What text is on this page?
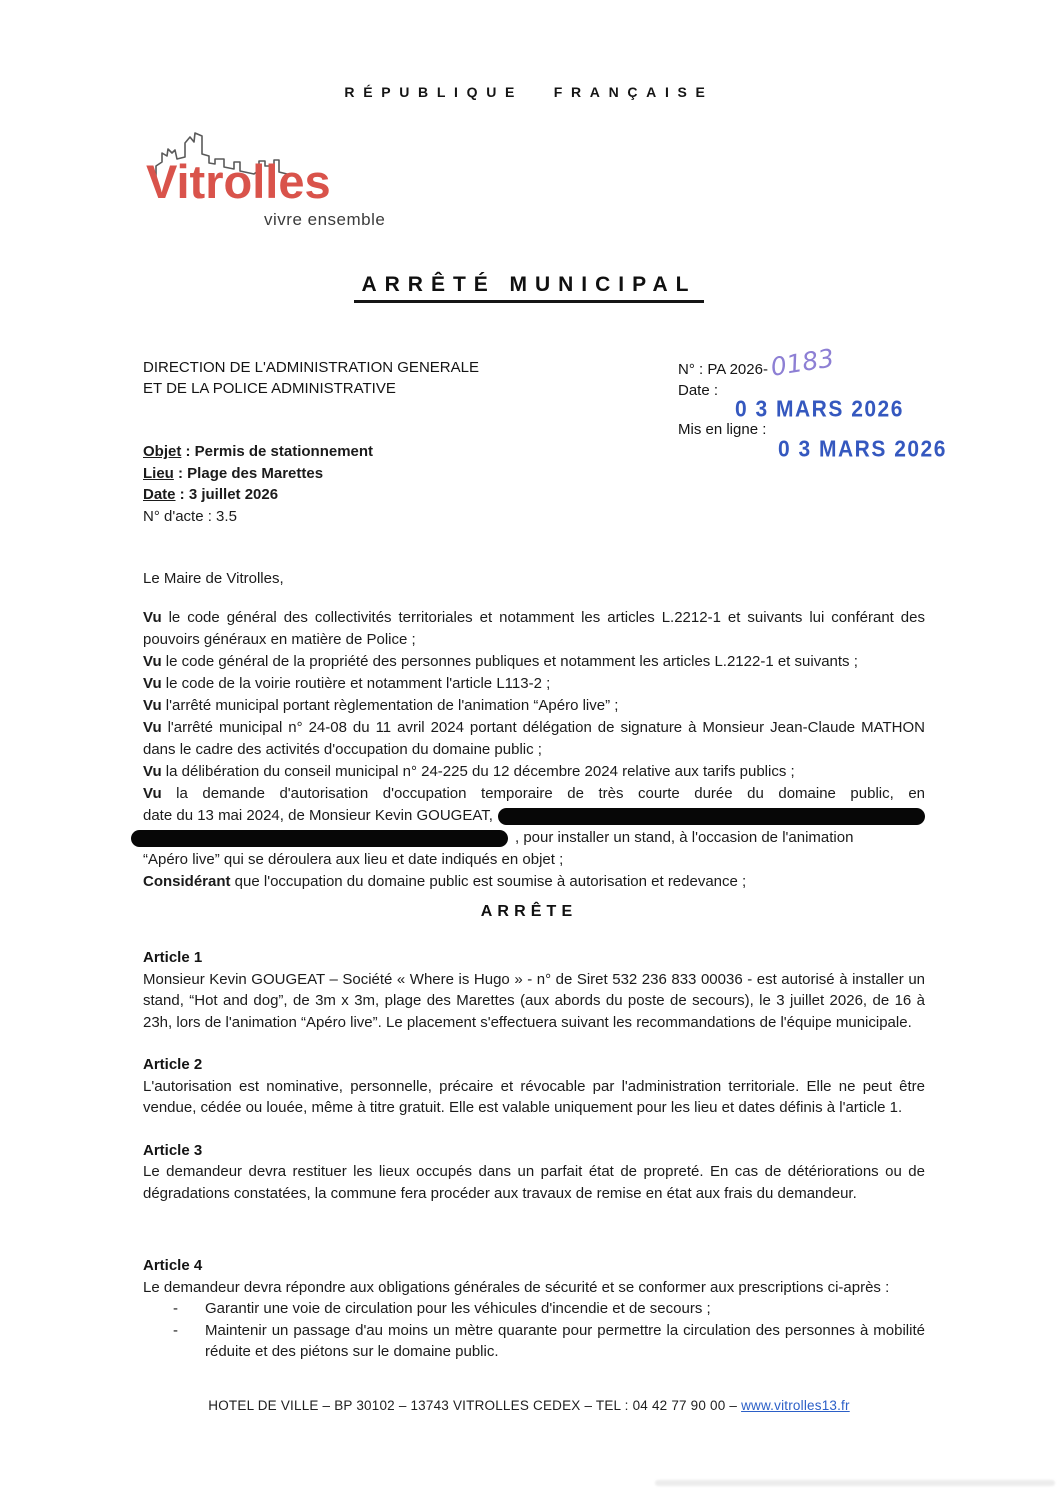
RÉPUBLIQUE FRANÇAISE
Vitrolles
vivre ensemble
ARRÊTÉ MUNICIPAL
DIRECTION DE L'ADMINISTRATION GENERALE
ET DE LA POLICE ADMINISTRATIVE
N° : PA 2026-0183
Date :
0 3 MARS 2026
Mis en ligne :
0 3 MARS 2026
Objet : Permis de stationnement
Lieu : Plage des Marettes
Date : 3 juillet 2026
N° d'acte : 3.5
Le Maire de Vitrolles,

Vu le code général des collectivités territoriales et notamment les articles L.2212-1 et suivants lui conférant des pouvoirs généraux en matière de Police ;

Vu le code général de la propriété des personnes publiques et notamment les articles L.2122-1 et suivants ;

Vu le code de la voirie routière et notamment l'article L113-2 ;

Vu l'arrêté municipal portant règlementation de l'animation “Apéro live” ;

Vu l'arrêté municipal n° 24-08 du 11 avril 2024 portant délégation de signature à Monsieur Jean-Claude MATHON dans le cadre des activités d'occupation du domaine public ;

Vu la délibération du conseil municipal n° 24-225 du 12 décembre 2024 relative aux tarifs publics ;

Vu la demande d'autorisation d'occupation temporaire de très courte durée du domaine public, en

date du 13 mai 2024, de Monsieur Kevin GOUGEAT,
, pour installer un stand, à l'occasion de l'animation

“Apéro live” qui se déroulera aux lieu et date indiqués en objet ;

Considérant que l'occupation du domaine public est soumise à autorisation et redevance ;

ARRÊTE
Article 1

Monsieur Kevin GOUGEAT – Société « Where is Hugo » - n° de Siret 532 236 833 00036 - est autorisé à installer un stand, “Hot and dog”, de 3m x 3m, plage des Marettes (aux abords du poste de secours), le 3 juillet 2026, de 16 à 23h, lors de l'animation “Apéro live”. Le placement s'effectuera suivant les recommandations de l'équipe municipale.

Article 2

L'autorisation est nominative, personnelle, précaire et révocable par l'administration territoriale. Elle ne peut être vendue, cédée ou louée, même à titre gratuit. Elle est valable uniquement pour les lieu et dates définis à l'article 1.

Article 3

Le demandeur devra restituer les lieux occupés dans un parfait état de propreté. En cas de détériorations ou de dégradations constatées, la commune fera procéder aux travaux de remise en état aux frais du demandeur.

Article 4

Le demandeur devra répondre aux obligations générales de sécurité et se conformer aux prescriptions ci-après :

-	Garantir une voie de circulation pour les véhicules d'incendie et de secours ;
-	Maintenir un passage d'au moins un mètre quarante pour permettre la circulation des personnes à mobilité réduite et des piétons sur le domaine public.
HOTEL DE VILLE – BP 30102 – 13743 VITROLLES CEDEX – TEL : 04 42 77 90 00 – www.vitrolles13.fr
